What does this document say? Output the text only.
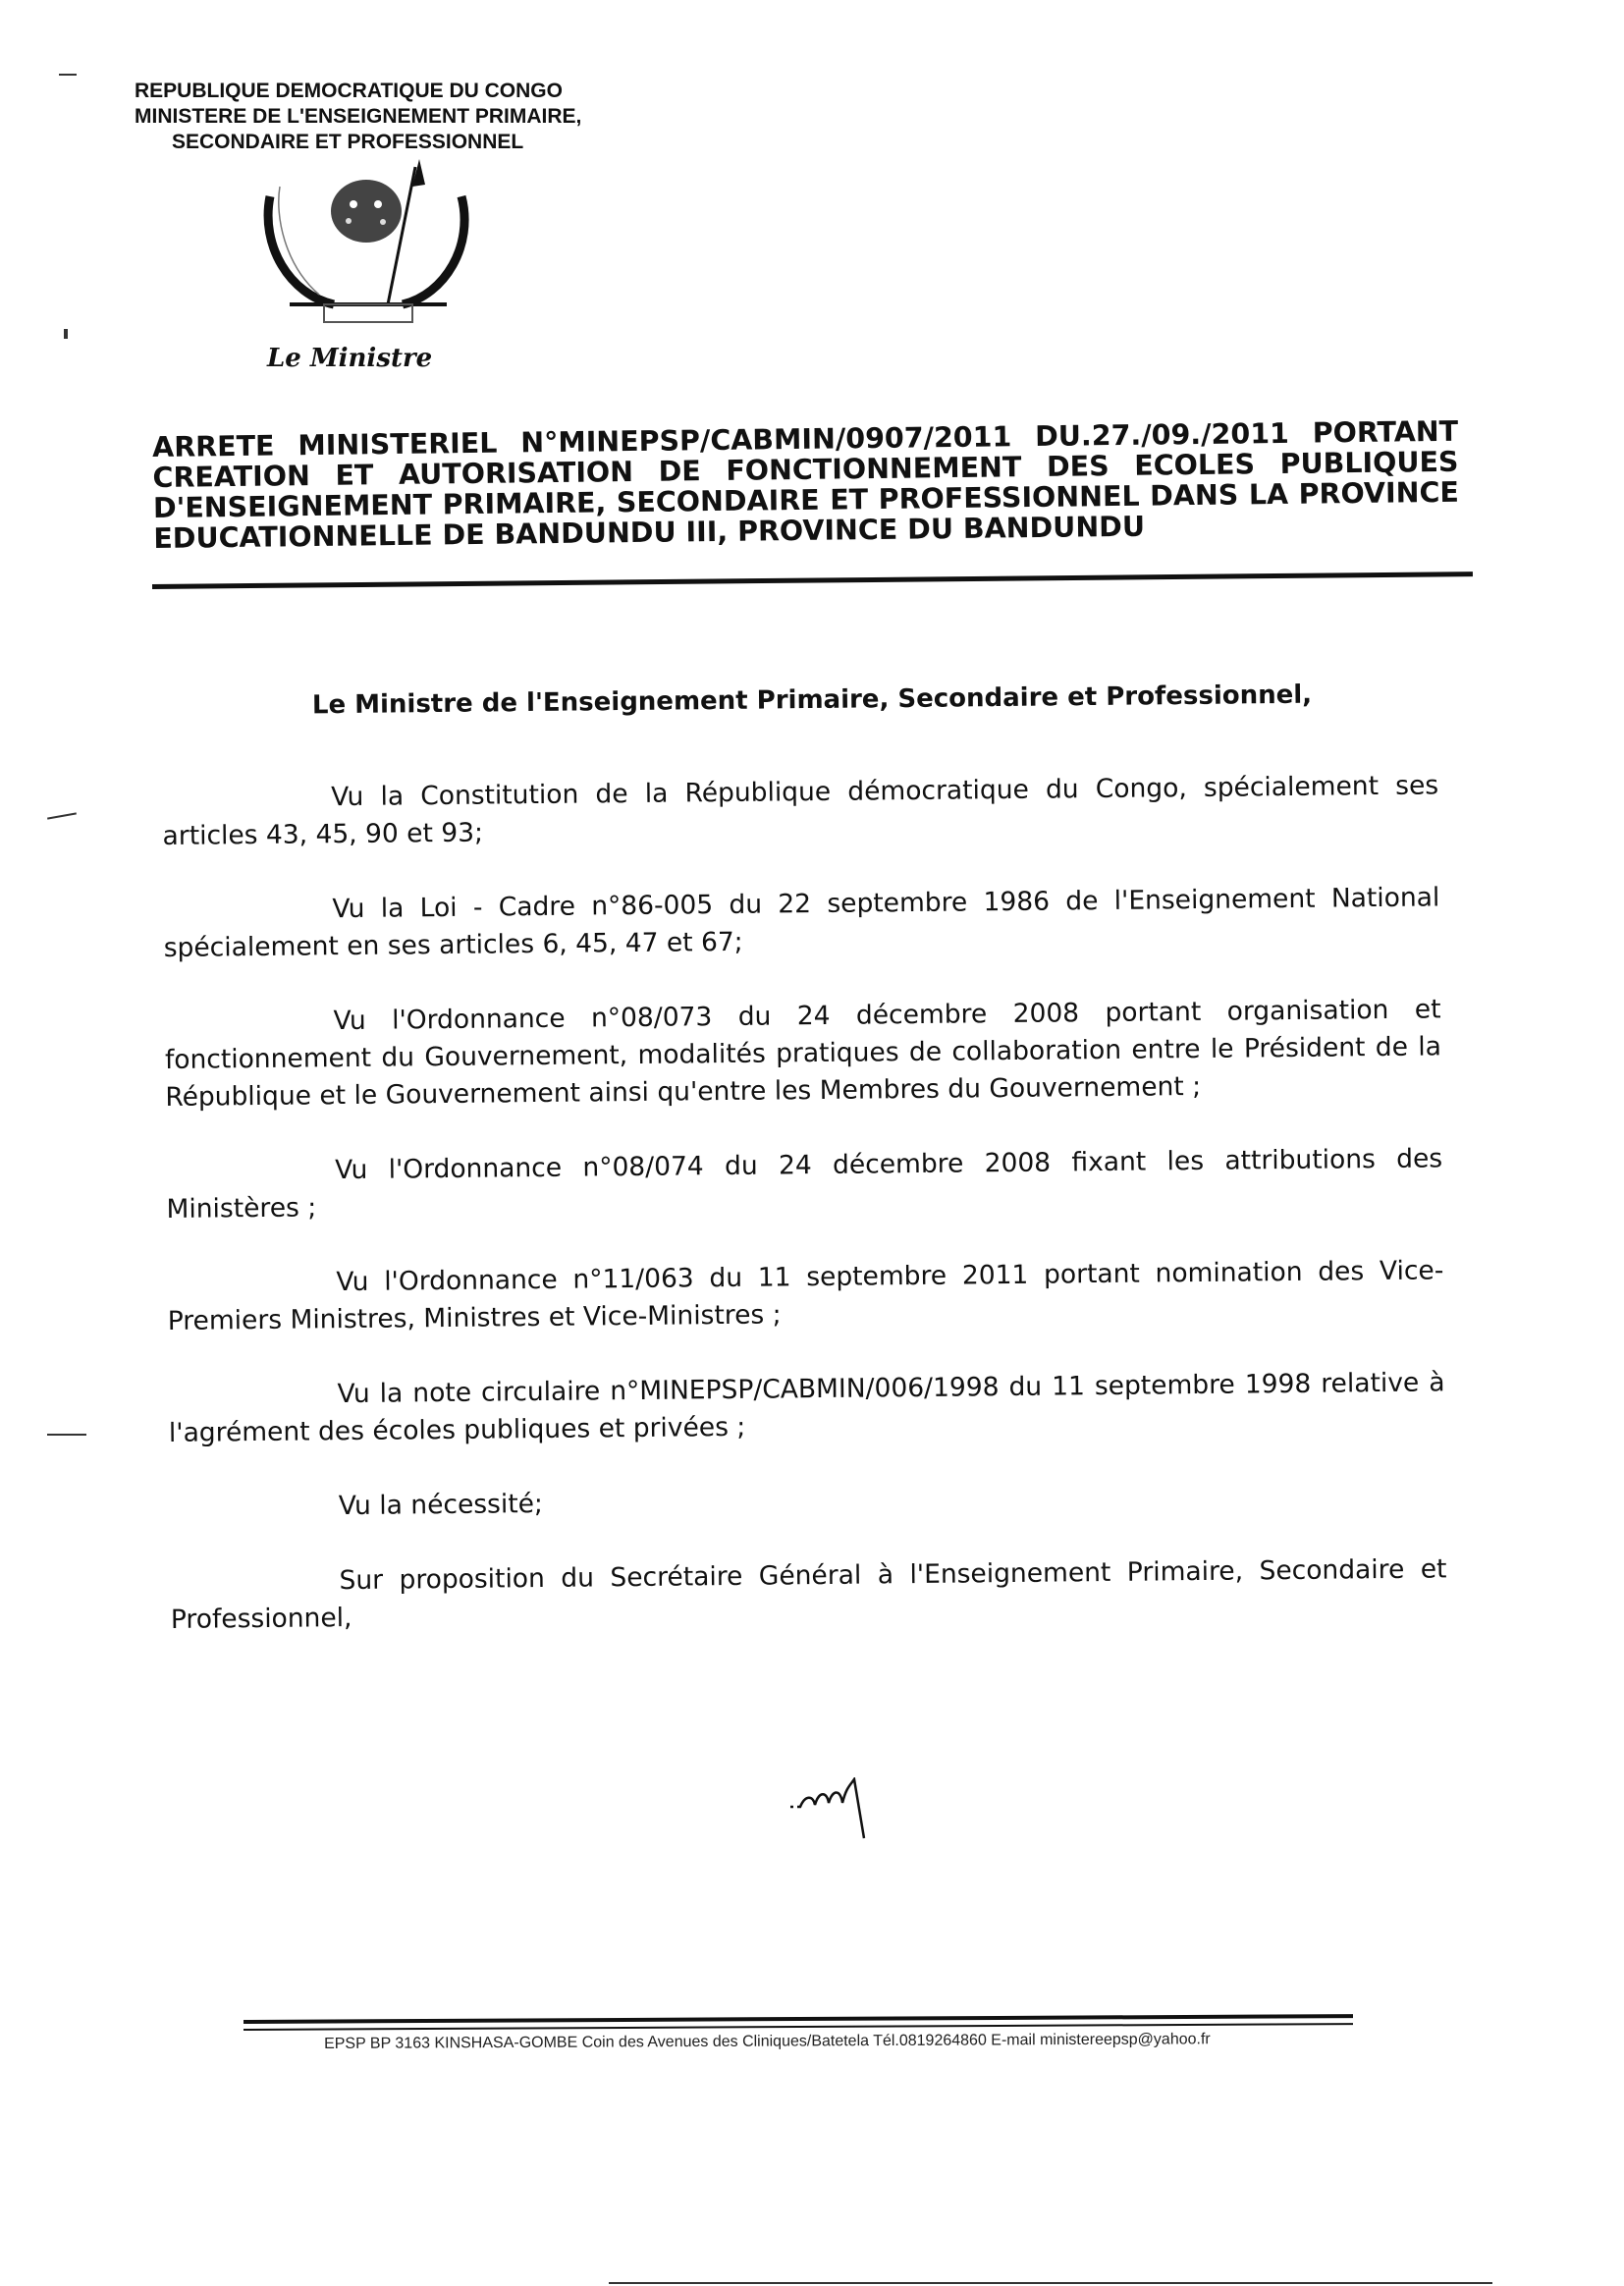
REPUBLIQUE DEMOCRATIQUE DU CONGO
MINISTERE DE L'ENSEIGNEMENT PRIMAIRE,
SECONDAIRE ET PROFESSIONNEL
Le Ministre
ARRETE MINISTERIEL N°MINEPSP/CABMIN/0907/2011 DU.27./09./2011 PORTANT CREATION ET AUTORISATION DE FONCTIONNEMENT DES ECOLES PUBLIQUES D'ENSEIGNEMENT PRIMAIRE, SECONDAIRE ET PROFESSIONNEL DANS LA PROVINCE EDUCATIONNELLE DE BANDUNDU III, PROVINCE DU BANDUNDU
Le Ministre de l'Enseignement Primaire, Secondaire et Professionnel,

Vu la Constitution de la République démocratique du Congo, spécialement ses articles 43, 45, 90 et 93;

Vu la Loi - Cadre n°86-005 du 22 septembre 1986 de l'Enseignement National spécialement en ses articles 6, 45, 47 et 67;

Vu l'Ordonnance n°08/073 du 24 décembre 2008 portant organisation et fonctionnement du Gouvernement, modalités pratiques de collaboration entre le Président de la République et le Gouvernement ainsi qu'entre les Membres du Gouvernement ;

Vu l'Ordonnance n°08/074 du 24 décembre 2008 fixant les attributions des Ministères ;

Vu l'Ordonnance n°11/063 du 11 septembre 2011 portant nomination des Vice-Premiers Ministres, Ministres et Vice-Ministres ;

Vu la note circulaire n°MINEPSP/CABMIN/006/1998 du 11 septembre 1998 relative à l'agrément des écoles publiques et privées ;

Vu la nécessité;

Sur proposition du Secrétaire Général à l'Enseignement Primaire, Secondaire et Professionnel,

EPSP BP 3163 KINSHASA-GOMBE Coin des Avenues des Cliniques/Batetela Tél.0819264860 E-mail ministereepsp@yahoo.fr
